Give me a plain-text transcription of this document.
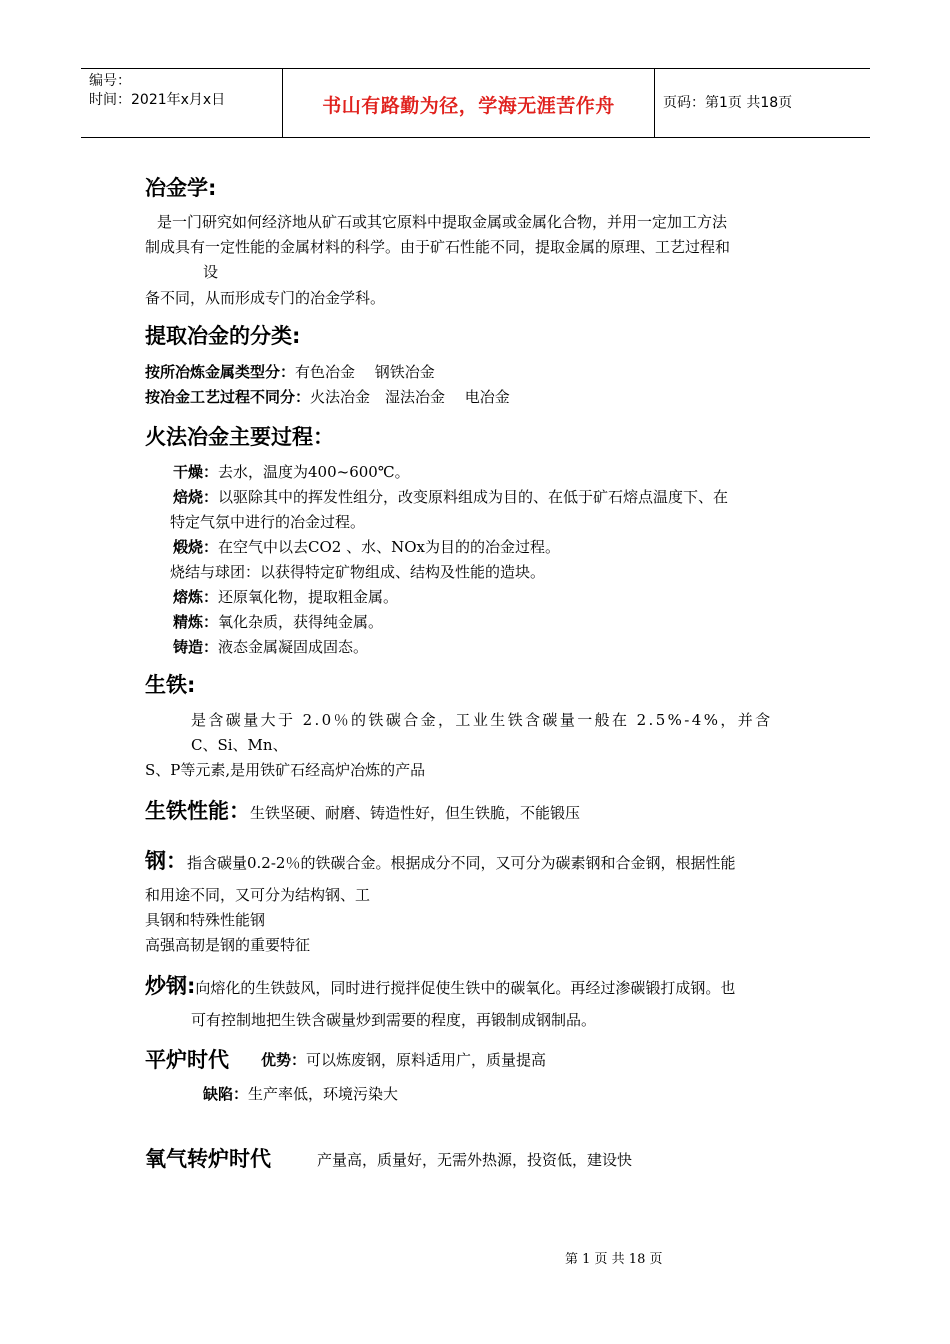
编号：
时间：2021年x月x日	书山有路勤为径，学海无涯苦作舟	页码：第1页 共18页
冶金学:
是一门研究如何经济地从矿石或其它原料中提取金属或金属化合物，并用一定加工方法
制成具有一定性能的金属材料的科学。由于矿石性能不同，提取金属的原理、工艺过程和
设
备不同，从而形成专门的冶金学科。
提取冶金的分类:
按所冶炼金属类型分：有色冶金　 钢铁冶金
按冶金工艺过程不同分：火法冶金　湿法冶金　 电冶金
火法冶金主要过程：
干燥：去水，温度为400~600℃。
焙烧：以驱除其中的挥发性组分，改变原料组成为目的、在低于矿石熔点温度下、在
特定气氛中进行的冶金过程。
煅烧：在空气中以去CO2 、水、NOx为目的的冶金过程。
烧结与球团：以获得特定矿物组成、结构及性能的造块。
熔炼：还原氧化物，提取粗金属。
精炼：氧化杂质，获得纯金属。
铸造：液态金属凝固成固态。
生铁:
是含碳量大于 2.0％的铁碳合金，工业生铁含碳量一般在 2.5%-4%，并含
C、Si、Mn、
S、P等元素,是用铁矿石经高炉冶炼的产品
生铁性能：生铁坚硬、耐磨、铸造性好，但生铁脆，不能锻压
钢：指含碳量0.2-2％的铁碳合金。根据成分不同，又可分为碳素钢和合金钢，根据性能
和用途不同，又可分为结构钢、工
具钢和特殊性能钢
高强高韧是钢的重要特征
炒钢:向熔化的生铁鼓风，同时进行搅拌促使生铁中的碳氧化。再经过渗碳锻打成钢。也
可有控制地把生铁含碳量炒到需要的程度，再锻制成钢制品。
平炉时代 优势：可以炼废钢，原料适用广，质量提高
缺陷：生产率低，环境污染大
氧气转炉时代	产量高，质量好，无需外热源，投资低，建设快
第 1 页 共 18 页
